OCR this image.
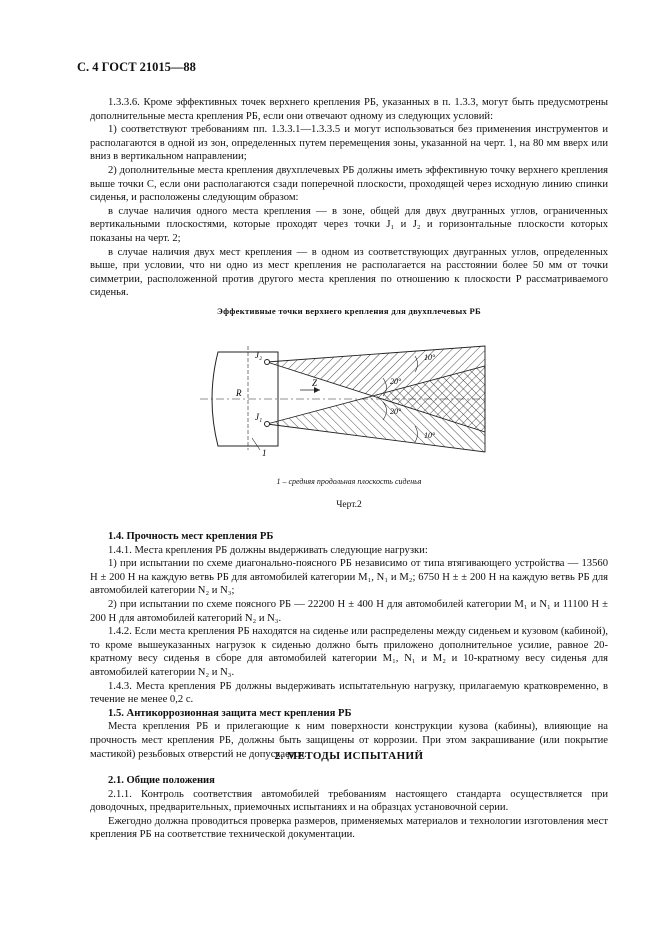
С. 4 ГОСТ 21015—88

1.3.3.6. Кроме эффективных точек верхнего крепления РБ, указанных в п. 1.3.3, могут быть предусмотрены дополнительные места крепления РБ, если они отвечают одному из следующих условий:

1) соответствуют требованиям пп. 1.3.3.1—1.3.3.5 и могут использоваться без применения инструментов и располагаются в одной из зон, определенных путем перемещения зоны, указанной на черт. 1, на 80 мм вверх или вниз в вертикальном направлении;

2) дополнительные места крепления двухплечевых РБ должны иметь эффективную точку верхнего крепления выше точки С, если они располагаются сзади поперечной плоскости, проходящей через исходную линию спинки сиденья, и расположены следующим образом:

в случае наличия одного места крепления — в зоне, общей для двух двугранных углов, ограниченных вертикальными плоскостями, которые проходят через точки J₁ и J₂ и горизонтальные плоскости которых показаны на черт. 2;

в случае наличия двух мест крепления — в одном из соответствующих двугранных углов, определенных выше, при условии, что ни одно из мест крепления не располагается на расстоянии более 50 мм от точки симметрии, расположенной против другого места крепления по отношению к плоскости P рассматриваемого сиденья.

Эффективные точки верхнего крепления для двухплечевых РБ
J₂
J₁
R
Z
1
10°
20°
20°
10°
1 – средняя продольная плоскость сиденья
Черт.2

1.4. Прочность мест крепления РБ

1.4.1. Места крепления РБ должны выдерживать следующие нагрузки:

1) при испытании по схеме диагонально-поясного РБ независимо от типа втягивающего устройства — 13560 Н ± 200 Н на каждую ветвь РБ для автомобилей категории M₁, N₁ и M₂; 6750 Н ± ± 200 Н на каждую ветвь РБ для автомобилей категории N₂ и N₃;

2) при испытании по схеме поясного РБ — 22200 Н ± 400 Н для автомобилей категории M₁ и N₁ и 11100 Н ± 200 Н для автомобилей категорий N₂ и N₃.

1.4.2. Если места крепления РБ находятся на сиденье или распределены между сиденьем и кузовом (кабиной), то кроме вышеуказанных нагрузок к сиденью должно быть приложено дополнительное усилие, равное 20-кратному весу сиденья в сборе для автомобилей категории M₁, N₁ и M₂ и 10-кратному весу сиденья для автомобилей категории N₂ и N₃.

1.4.3. Места крепления РБ должны выдерживать испытательную нагрузку, прилагаемую кратковременно, в течение не менее 0,2 с.

1.5. Антикоррозионная защита мест крепления РБ

Места крепления РБ и прилегающие к ним поверхности конструкции кузова (кабины), влияющие на прочность мест крепления РБ, должны быть защищены от коррозии. При этом закрашивание (или покрытие мастикой) резьбовых отверстий не допускается.

2. МЕТОДЫ ИСПЫТАНИЙ

2.1. Общие положения

2.1.1. Контроль соответствия автомобилей требованиям настоящего стандарта осуществляется при доводочных, предварительных, приемочных испытаниях и на образцах установочной серии.

Ежегодно должна проводиться проверка размеров, применяемых материалов и технологии изготовления мест крепления РБ на соответствие технической документации.
